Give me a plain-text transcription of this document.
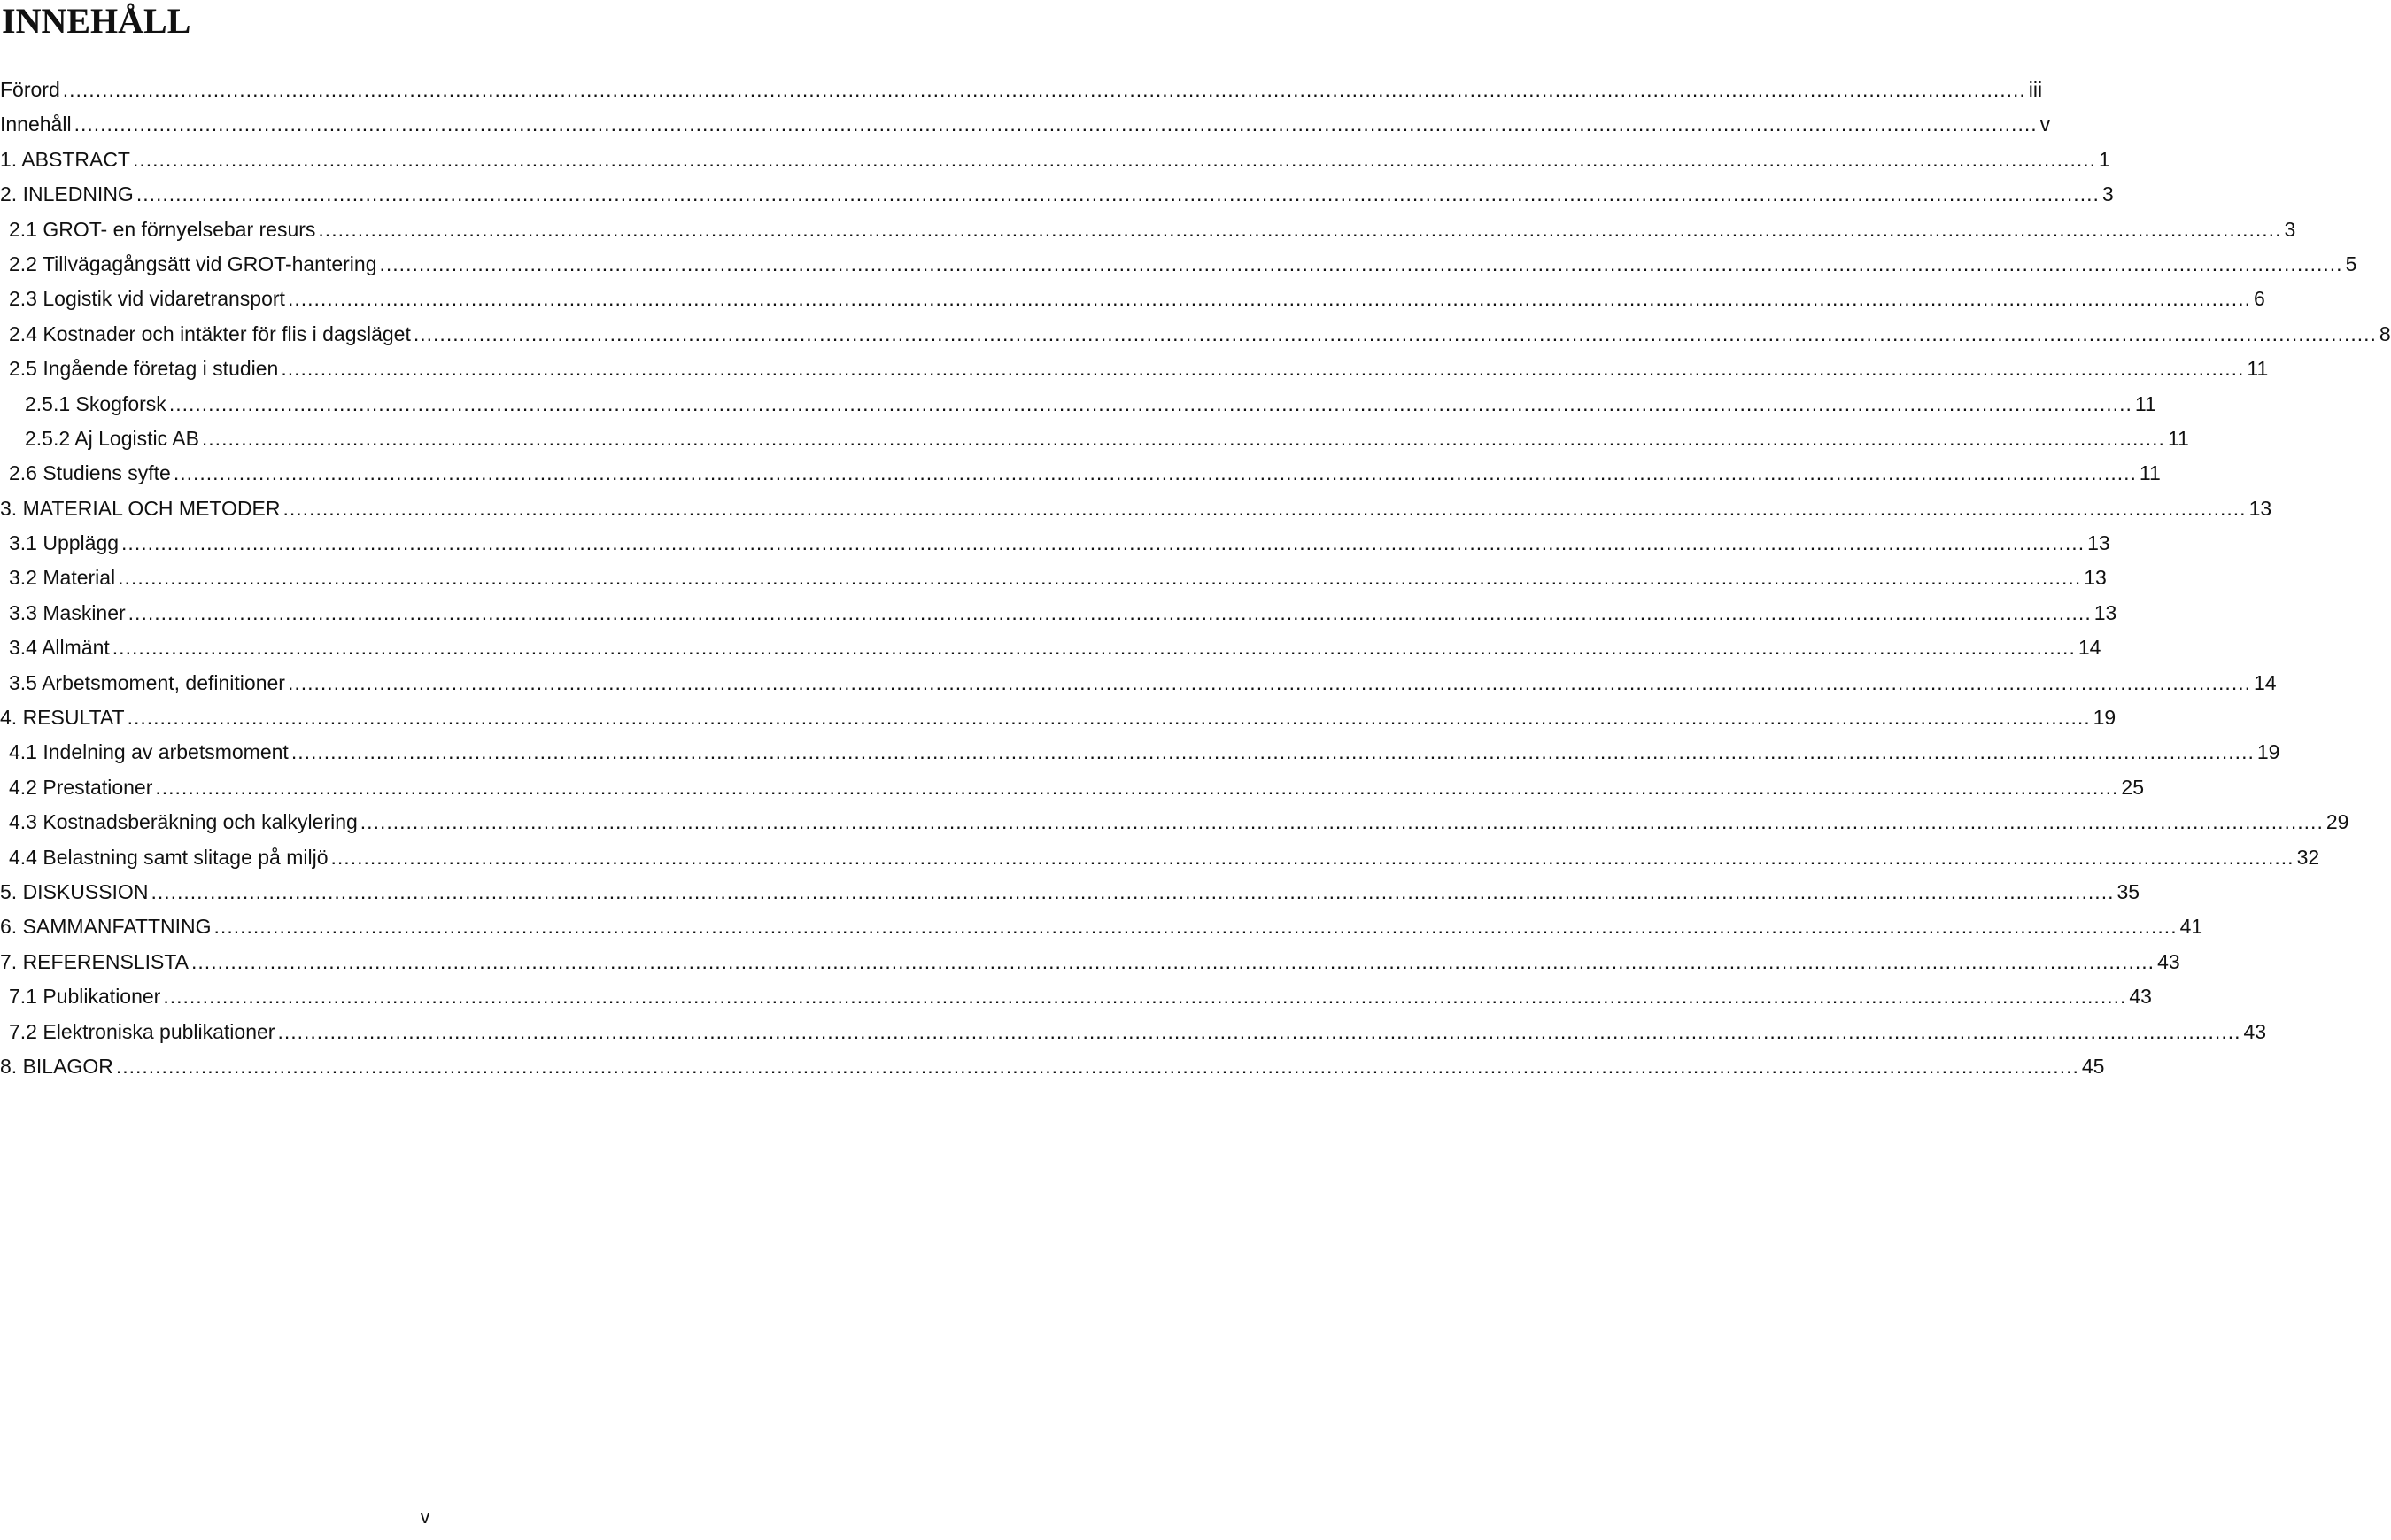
INNEHÅLL
Förord ............................................................................................................................................................................................................................................................................................................ iii
Innehåll ............................................................................................................................................................................................................................................................................................................ v
1. ABSTRACT ............................................................................................................................................................................................................................................................................................................ 1
2. INLEDNING ............................................................................................................................................................................................................................................................................................................ 3
2.1 GROT- en förnyelsebar resurs ............................................................................................................................................................................................................................................................................................................ 3
2.2 Tillvägagångsätt vid GROT-hantering ............................................................................................................................................................................................................................................................................................................ 5
2.3 Logistik vid vidaretransport ............................................................................................................................................................................................................................................................................................................ 6
2.4 Kostnader och intäkter för flis i dagsläget ............................................................................................................................................................................................................................................................................................................ 8
2.5 Ingående företag i studien ............................................................................................................................................................................................................................................................................................................ 11
2.5.1 Skogforsk ............................................................................................................................................................................................................................................................................................................ 11
2.5.2 Aj Logistic AB ............................................................................................................................................................................................................................................................................................................ 11
2.6 Studiens syfte ............................................................................................................................................................................................................................................................................................................ 11
3. MATERIAL OCH METODER ............................................................................................................................................................................................................................................................................................................ 13
3.1 Upplägg ............................................................................................................................................................................................................................................................................................................ 13
3.2 Material ............................................................................................................................................................................................................................................................................................................ 13
3.3 Maskiner ............................................................................................................................................................................................................................................................................................................ 13
3.4 Allmänt ............................................................................................................................................................................................................................................................................................................ 14
3.5 Arbetsmoment, definitioner ............................................................................................................................................................................................................................................................................................................ 14
4. RESULTAT ............................................................................................................................................................................................................................................................................................................ 19
4.1 Indelning av arbetsmoment ............................................................................................................................................................................................................................................................................................................ 19
4.2 Prestationer ............................................................................................................................................................................................................................................................................................................ 25
4.3 Kostnadsberäkning och kalkylering ............................................................................................................................................................................................................................................................................................................ 29
4.4 Belastning samt slitage på miljö ............................................................................................................................................................................................................................................................................................................ 32
5. DISKUSSION ............................................................................................................................................................................................................................................................................................................ 35
6. SAMMANFATTNING ............................................................................................................................................................................................................................................................................................................ 41
7. REFERENSLISTA ............................................................................................................................................................................................................................................................................................................ 43
7.1 Publikationer ............................................................................................................................................................................................................................................................................................................ 43
7.2 Elektroniska publikationer ............................................................................................................................................................................................................................................................................................................ 43
8. BILAGOR ............................................................................................................................................................................................................................................................................................................ 45
v
